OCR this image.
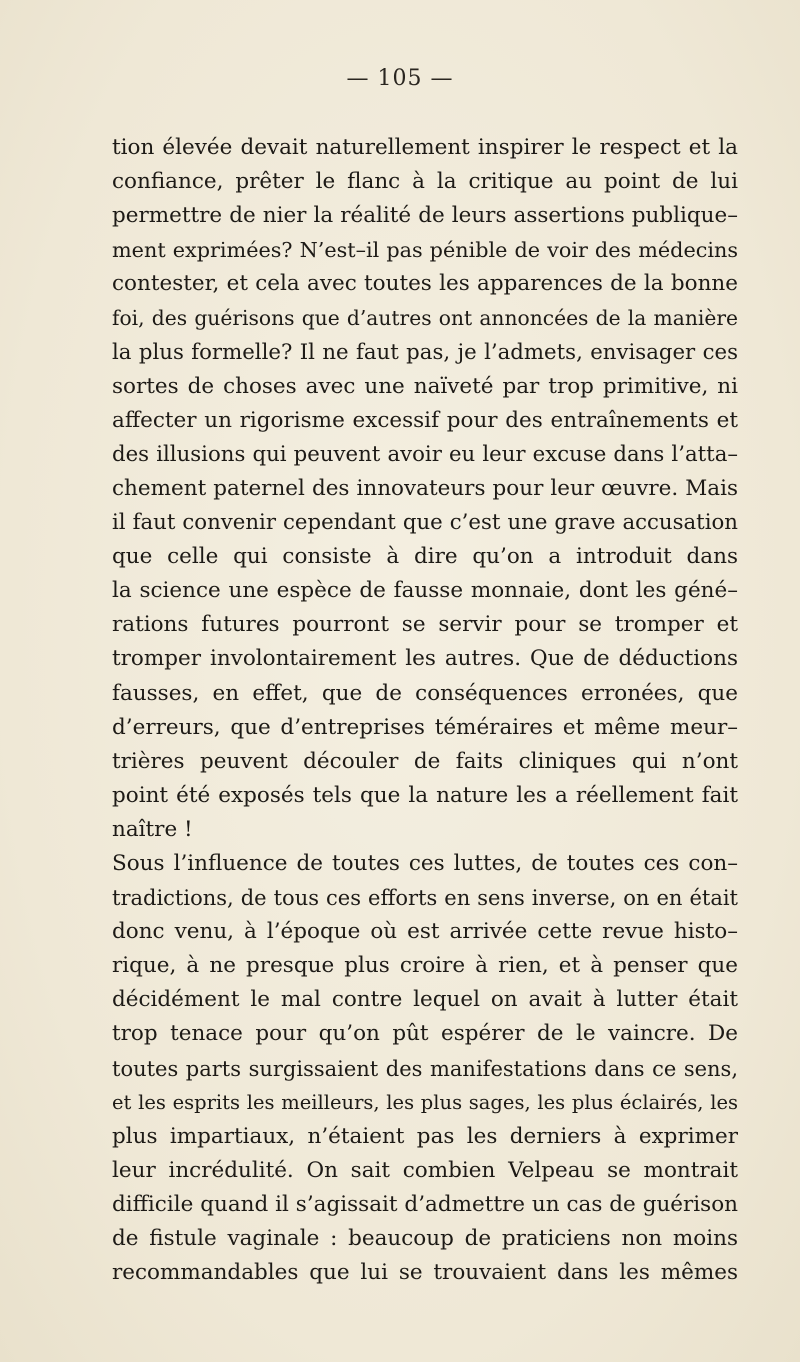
— 105 —
tion élevée devait naturellement inspirer le respect et la
confiance, prêter le flanc à la critique au point de lui
permettre de nier la réalité de leurs assertions publique–
ment exprimées? N’est–il pas pénible de voir des médecins
contester, et cela avec toutes les apparences de la bonne
foi, des guérisons que d’autres ont annoncées de la manière
la plus formelle? Il ne faut pas, je l’admets, envisager ces
sortes de choses avec une naïveté par trop primitive, ni
affecter un rigorisme excessif pour des entraînements et
des illusions qui peuvent avoir eu leur excuse dans l’atta–
chement paternel des innovateurs pour leur œuvre. Mais
il faut convenir cependant que c’est une grave accusation
que celle qui consiste à dire qu’on a introduit dans
la science une espèce de fausse monnaie, dont les géné–
rations futures pourront se servir pour se tromper et
tromper involontairement les autres. Que de déductions
fausses, en effet, que de conséquences erronées, que
d’erreurs, que d’entreprises téméraires et même meur–
trières peuvent découler de faits cliniques qui n’ont
point été exposés tels que la nature les a réellement fait
naître !
Sous l’influence de toutes ces luttes, de toutes ces con–
tradictions, de tous ces efforts en sens inverse, on en était
donc venu, à l’époque où est arrivée cette revue histo–
rique, à ne presque plus croire à rien, et à penser que
décidément le mal contre lequel on avait à lutter était
trop tenace pour qu’on pût espérer de le vaincre. De
toutes parts surgissaient des manifestations dans ce sens,
et les esprits les meilleurs, les plus sages, les plus éclairés, les
plus impartiaux, n’étaient pas les derniers à exprimer
leur incrédulité. On sait combien Velpeau se montrait
difficile quand il s’agissait d’admettre un cas de guérison
de fistule vaginale : beaucoup de praticiens non moins
recommandables que lui se trouvaient dans les mêmes
